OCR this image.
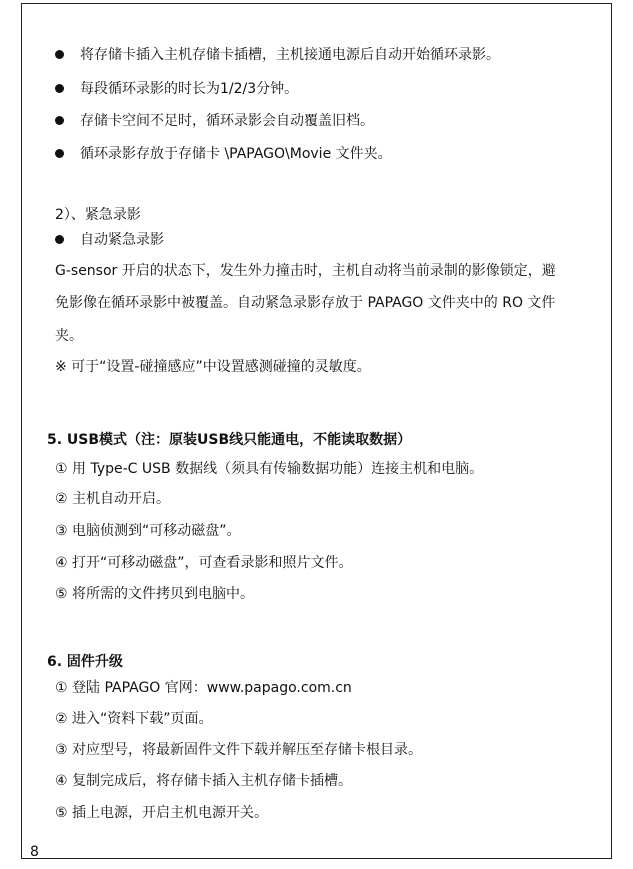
将存储卡插入主机存储卡插槽，主机接通电源后自动开始循环录影。
每段循环录影的时长为1/2/3分钟。
存储卡空间不足时，循环录影会自动覆盖旧档。
循环录影存放于存储卡 \PAPAGO\Movie 文件夹。
2）、紧急录影
自动紧急录影
G-sensor 开启的状态下，发生外力撞击时，主机自动将当前录制的影像锁定，避
免影像在循环录影中被覆盖。自动紧急录影存放于 PAPAGO 文件夹中的 RO 文件
夹。
※ 可于“设置-碰撞感应”中设置感测碰撞的灵敏度。
5. USB模式（注：原装USB线只能通电，不能读取数据）
① 用 Type-C USB 数据线（须具有传输数据功能）连接主机和电脑。
② 主机自动开启。
③ 电脑侦测到“可移动磁盘”。
④ 打开“可移动磁盘”，可查看录影和照片文件。
⑤ 将所需的文件拷贝到电脑中。
6. 固件升级
① 登陆 PAPAGO 官网：www.papago.com.cn
② 进入“资料下载”页面。
③ 对应型号，将最新固件文件下载并解压至存储卡根目录。
④ 复制完成后，将存储卡插入主机存储卡插槽。
⑤ 插上电源，开启主机电源开关。
8
